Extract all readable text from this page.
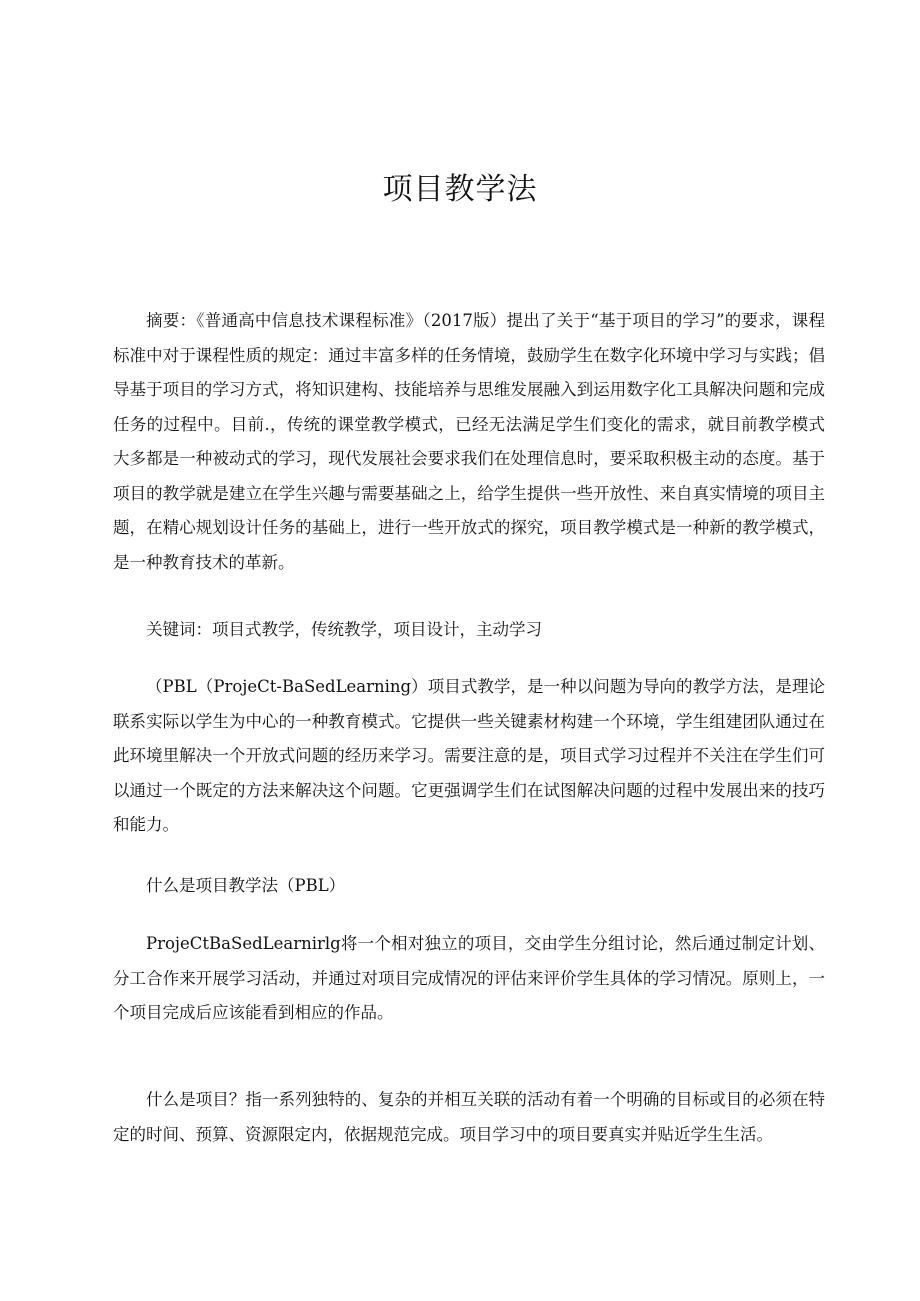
项目教学法

摘要：《普通高中信息技术课程标准》（2017版）提出了关于“基于项目的学习”的要求，课程标准中对于课程性质的规定：通过丰富多样的任务情境，鼓励学生在数字化环境中学习与实践；倡导基于项目的学习方式，将知识建构、技能培养与思维发展融入到运用数字化工具解决问题和完成任务的过程中。目前.，传统的课堂教学模式，已经无法满足学生们变化的需求，就目前教学模式大多都是一种被动式的学习，现代发展社会要求我们在处理信息时，要采取积极主动的态度。基于项目的教学就是建立在学生兴趣与需要基础之上，给学生提供一些开放性、来自真实情境的项目主题，在精心规划设计任务的基础上，进行一些开放式的探究，项目教学模式是一种新的教学模式，是一种教育技术的革新。

关键词：项目式教学，传统教学，项目设计，主动学习

（PBL（ProjeCt-BaSedLearning）项目式教学，是一种以问题为导向的教学方法，是理论联系实际以学生为中心的一种教育模式。它提供一些关键素材构建一个环境，学生组建团队通过在此环境里解决一个开放式问题的经历来学习。需要注意的是，项目式学习过程并不关注在学生们可以通过一个既定的方法来解决这个问题。它更强调学生们在试图解决问题的过程中发展出来的技巧和能力。

什么是项目教学法（PBL）

ProjeCtBaSedLearnirlg将一个相对独立的项目，交由学生分组讨论，然后通过制定计划、分工合作来开展学习活动，并通过对项目完成情况的评估来评价学生具体的学习情况。原则上，一个项目完成后应该能看到相应的作品。

什么是项目？指一系列独特的、复杂的并相互关联的活动有着一个明确的目标或目的必须在特定的时间、预算、资源限定内，依据规范完成。项目学习中的项目要真实并贴近学生生活。
